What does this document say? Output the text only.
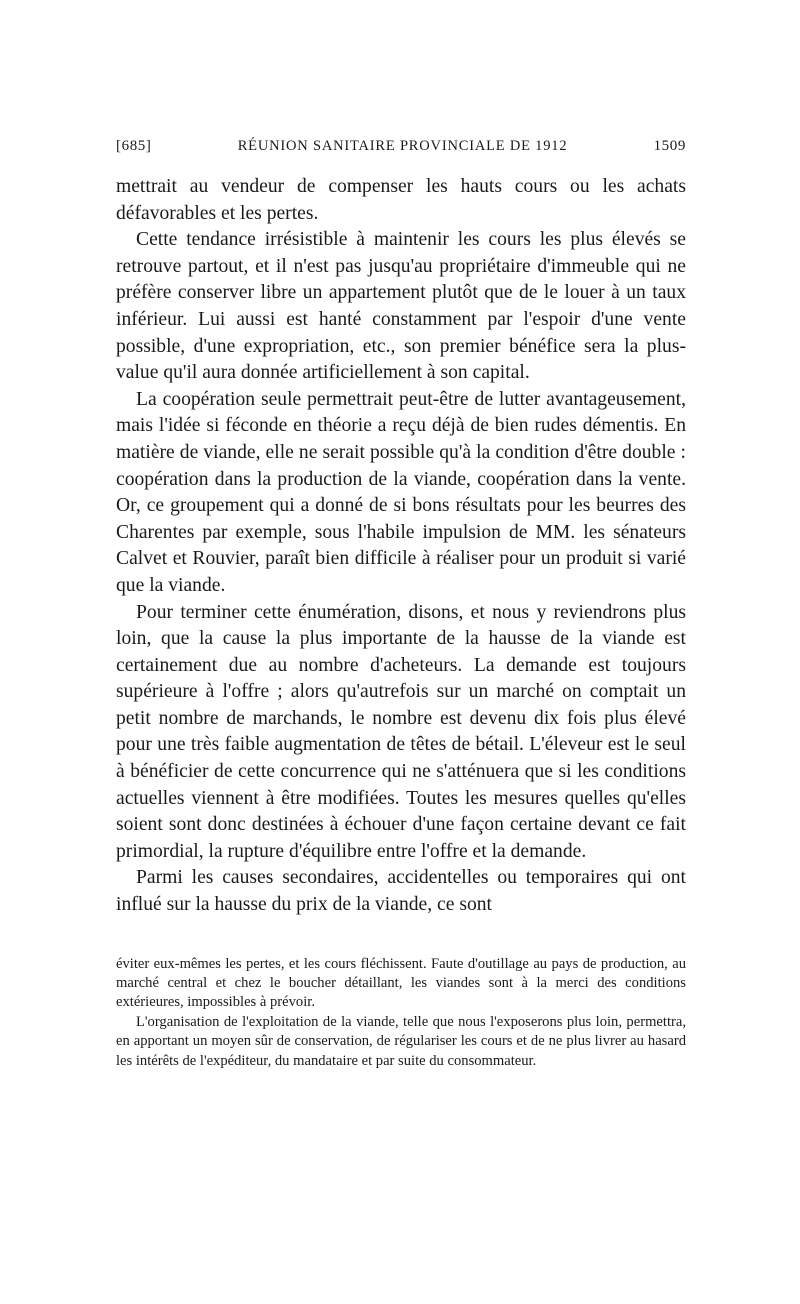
[685]	RÉUNION SANITAIRE PROVINCIALE DE 1912	1509

mettrait au vendeur de compenser les hauts cours ou les achats défavorables et les pertes.

Cette tendance irrésistible à maintenir les cours les plus élevés se retrouve partout, et il n'est pas jusqu'au propriétaire d'immeuble qui ne préfère conserver libre un appartement plutôt que de le louer à un taux inférieur. Lui aussi est hanté constamment par l'espoir d'une vente possible, d'une expropriation, etc., son premier bénéfice sera la plus-value qu'il aura donnée artificiellement à son capital.

La coopération seule permettrait peut-être de lutter avantageusement, mais l'idée si féconde en théorie a reçu déjà de bien rudes démentis. En matière de viande, elle ne serait possible qu'à la condition d'être double : coopération dans la production de la viande, coopération dans la vente. Or, ce groupement qui a donné de si bons résultats pour les beurres des Charentes par exemple, sous l'habile impulsion de MM. les sénateurs Calvet et Rouvier, paraît bien difficile à réaliser pour un produit si varié que la viande.

Pour terminer cette énumération, disons, et nous y reviendrons plus loin, que la cause la plus importante de la hausse de la viande est certainement due au nombre d'acheteurs. La demande est toujours supérieure à l'offre ; alors qu'autrefois sur un marché on comptait un petit nombre de marchands, le nombre est devenu dix fois plus élevé pour une très faible augmentation de têtes de bétail. L'éleveur est le seul à bénéficier de cette concurrence qui ne s'atténuera que si les conditions actuelles viennent à être modifiées. Toutes les mesures quelles qu'elles soient sont donc destinées à échouer d'une façon certaine devant ce fait primordial, la rupture d'équilibre entre l'offre et la demande.

Parmi les causes secondaires, accidentelles ou temporaires qui ont influé sur la hausse du prix de la viande, ce sont

éviter eux-mêmes les pertes, et les cours fléchissent. Faute d'outillage au pays de production, au marché central et chez le boucher détaillant, les viandes sont à la merci des conditions extérieures, impossibles à prévoir.

L'organisation de l'exploitation de la viande, telle que nous l'exposerons plus loin, permettra, en apportant un moyen sûr de conservation, de régulariser les cours et de ne plus livrer au hasard les intérêts de l'expéditeur, du mandataire et par suite du consommateur.
